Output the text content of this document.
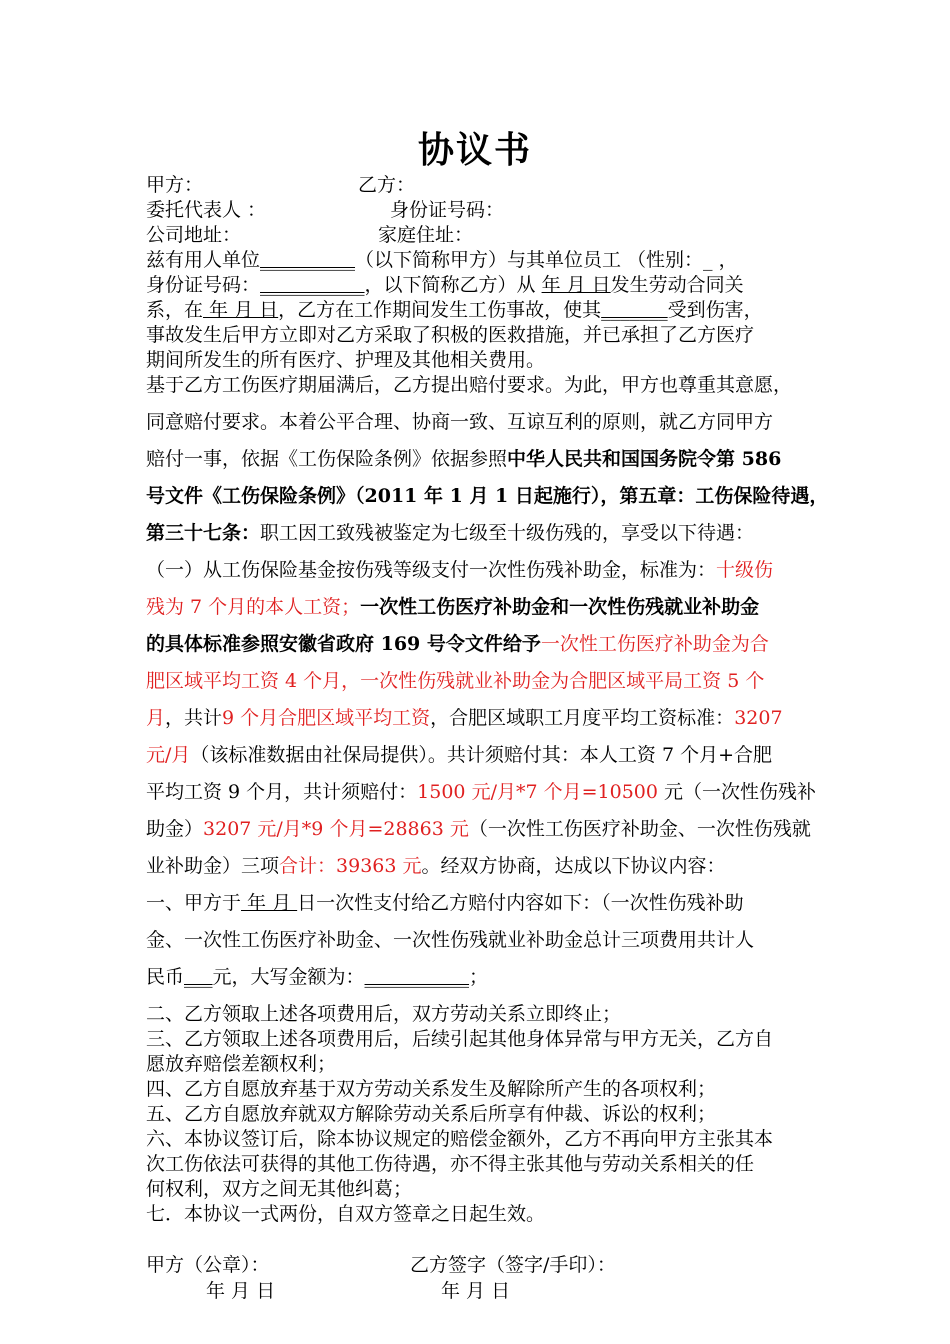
协议书
甲方：	乙方：
委托代表人 ：	身份证号码：
公司地址：	家庭住址：
兹有用人单位__________（以下简称甲方）与其单位员工 （性别：_ ，
身份证号码：___________，以下简称乙方）从 年 月 日发生劳动合同关
系，在 年 月 日，乙方在工作期间发生工伤事故，使其_______受到伤害，
事故发生后甲方立即对乙方采取了积极的医救措施，并已承担了乙方医疗
期间所发生的所有医疗、护理及其他相关费用。
基于乙方工伤医疗期届满后，乙方提出赔付要求。为此，甲方也尊重其意愿，
同意赔付要求。本着公平合理、协商一致、互谅互利的原则，就乙方同甲方
赔付一事，依据《工伤保险条例》依据参照中华人民共和国国务院令第 586
号文件《工伤保险条例》（2011 年 1 月 1 日起施行），第五章：工伤保险待遇，
第三十七条：职工因工致残被鉴定为七级至十级伤残的，享受以下待遇：
（一）从工伤保险基金按伤残等级支付一次性伤残补助金，标准为：十级伤
残为 7 个月的本人工资；一次性工伤医疗补助金和一次性伤残就业补助金
的具体标准参照安徽省政府 169 号令文件给予一次性工伤医疗补助金为合
肥区域平均工资 4 个月，一次性伤残就业补助金为合肥区域平局工资 5 个
月，共计9 个月合肥区域平均工资，合肥区域职工月度平均工资标准：3207
元/月（该标准数据由社保局提供）。共计须赔付其：本人工资 7 个月+合肥
平均工资 9 个月，共计须赔付：1500 元/月*7 个月=10500 元（一次性伤残补
助金）3207 元/月*9 个月=28863 元（一次性工伤医疗补助金、一次性伤残就
业补助金）三项合计：39363 元。经双方协商，达成以下协议内容：
一、甲方于 年 月 日一次性支付给乙方赔付内容如下：（一次性伤残补助
金、一次性工伤医疗补助金、一次性伤残就业补助金总计三项费用共计人
民币___元，大写金额为：___________；
二、乙方领取上述各项费用后，双方劳动关系立即终止；
三、乙方领取上述各项费用后，后续引起其他身体异常与甲方无关，乙方自
愿放弃赔偿差额权利；
四、乙方自愿放弃基于双方劳动关系发生及解除所产生的各项权利；
五、乙方自愿放弃就双方解除劳动关系后所享有仲裁、诉讼的权利；
六、本协议签订后，除本协议规定的赔偿金额外，乙方不再向甲方主张其本
次工伤依法可获得的其他工伤待遇，亦不得主张其他与劳动关系相关的任
何权利，双方之间无其他纠葛；
七．本协议一式两份，自双方签章之日起生效。
甲方（公章）：	乙方签字（签字/手印）：
年 月 日	年 月 日
